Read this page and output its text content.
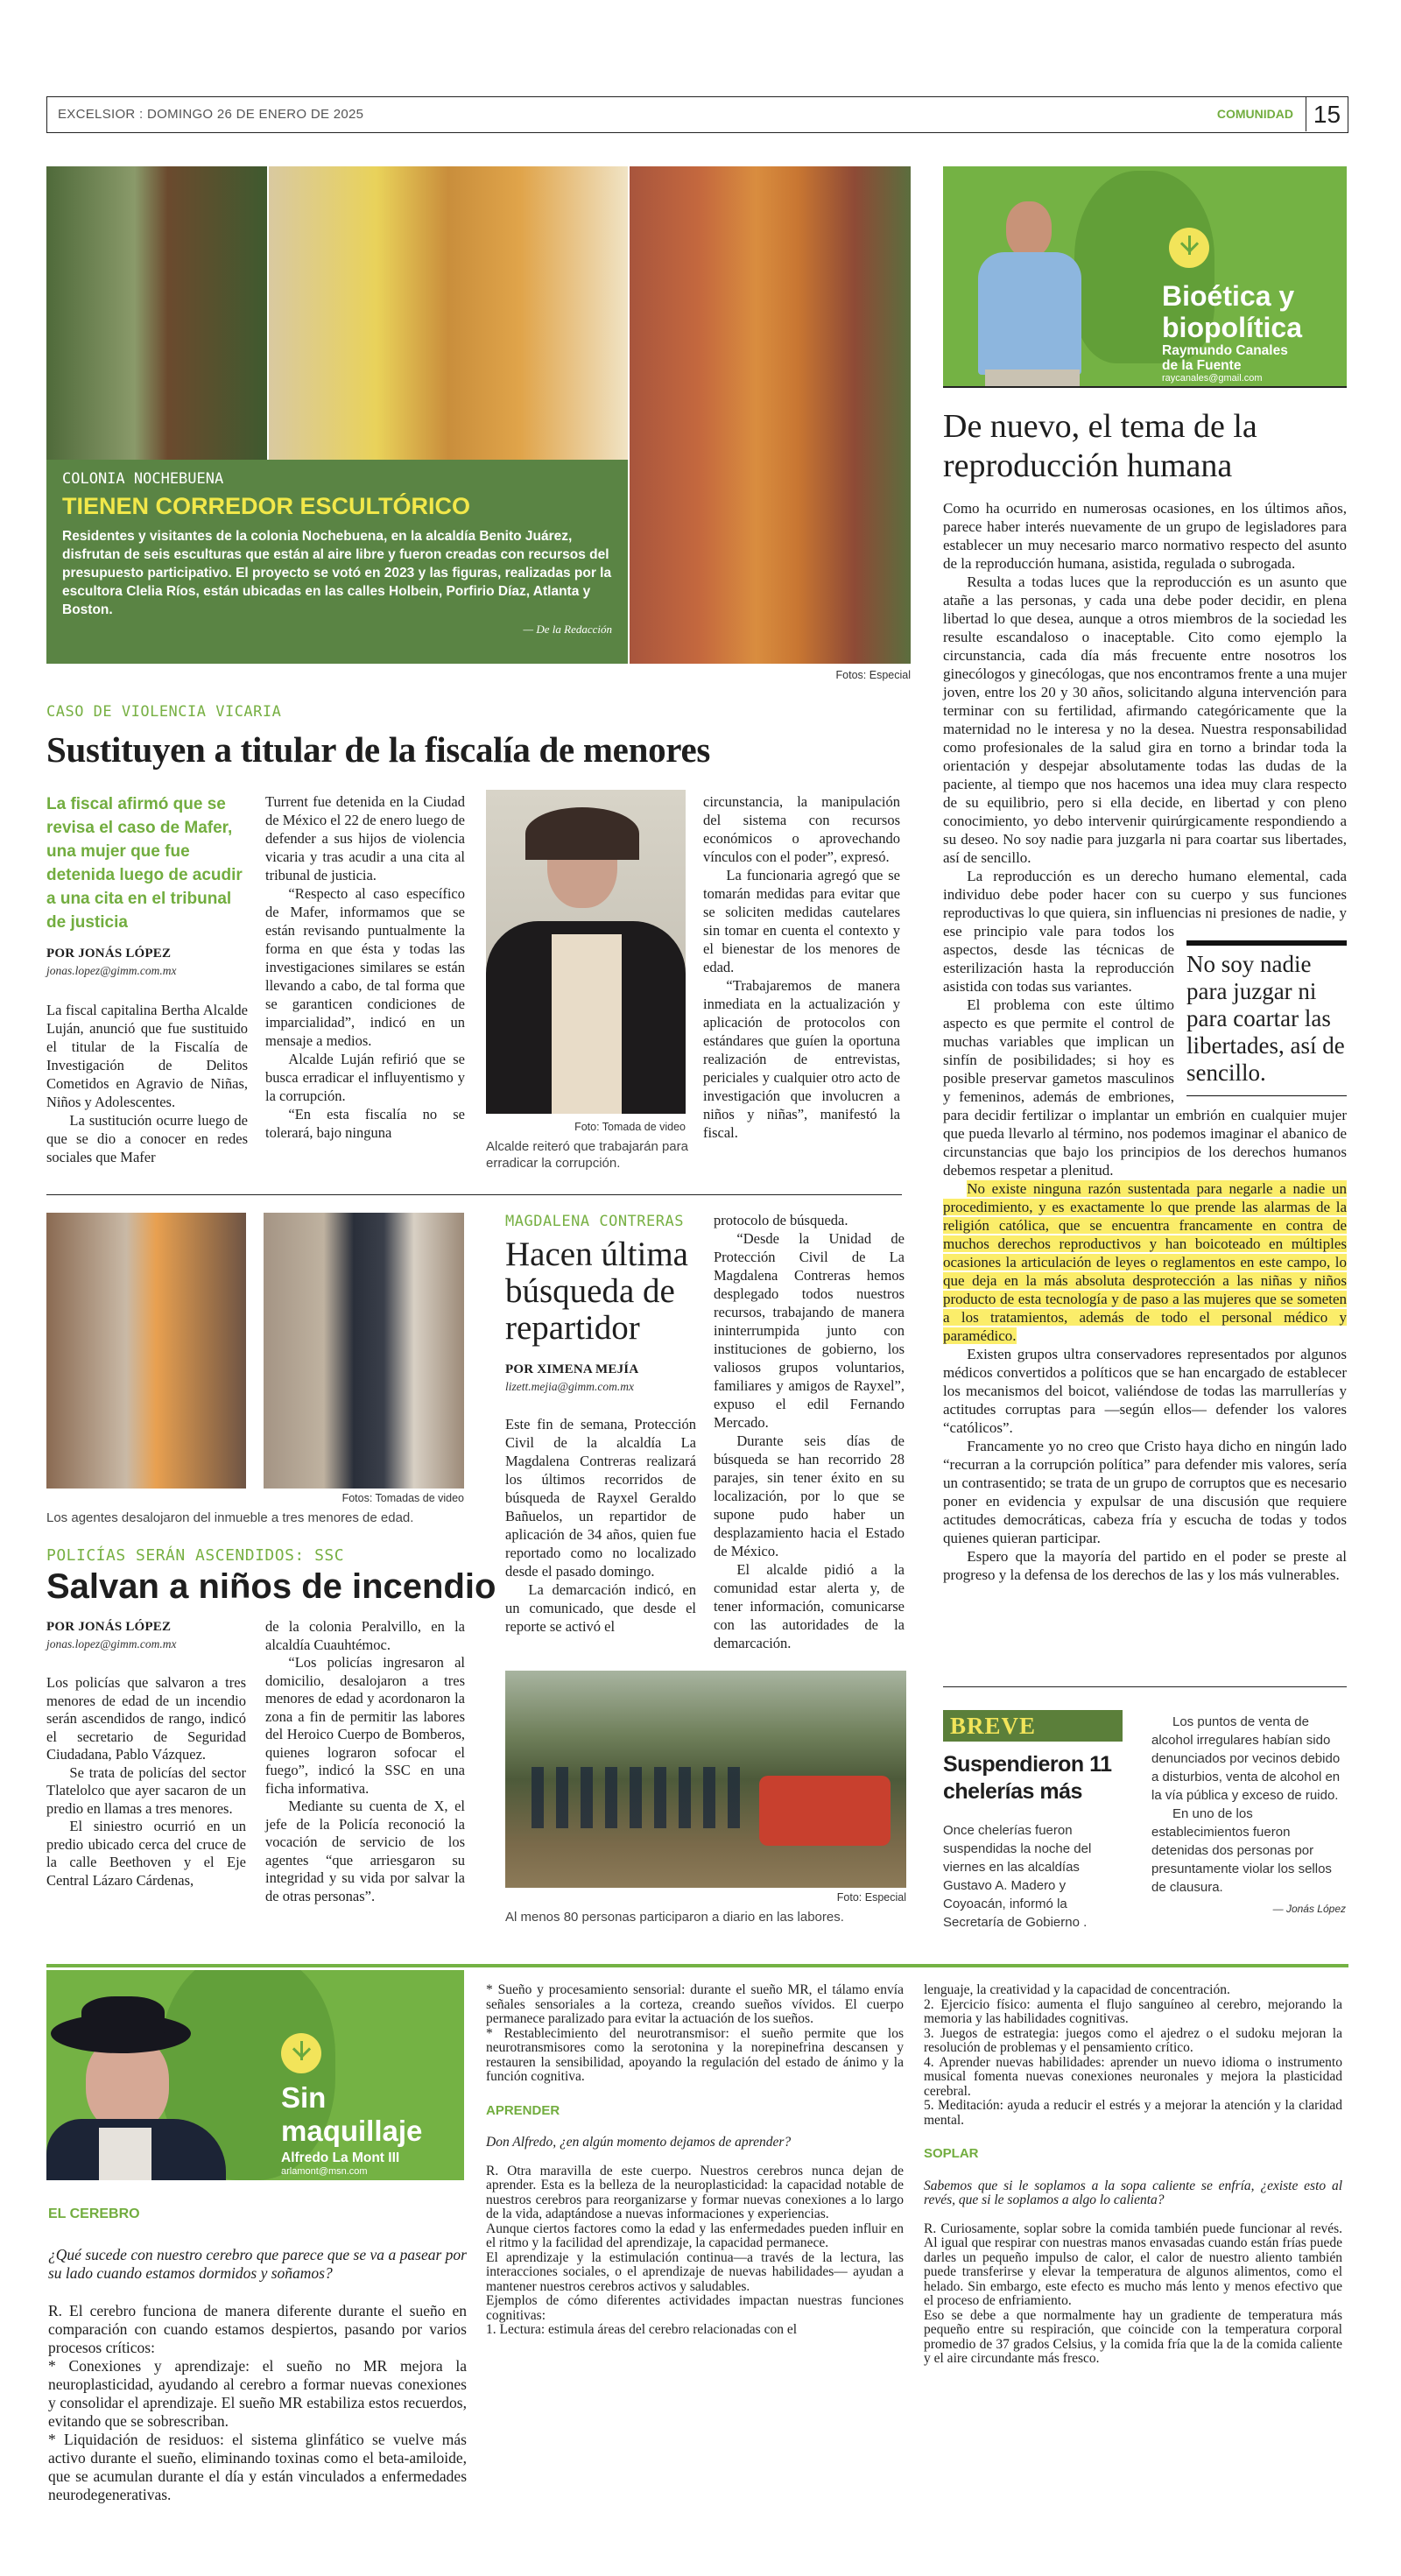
EXCELSIOR : DOMINGO 26 DE ENERO DE 2025	COMUNIDAD 15
COLONIA NOCHEBUENA
TIENEN CORREDOR ESCULTÓRICO
Residentes y visitantes de la colonia Nochebuena, en la alcaldía Benito Juárez, disfrutan de seis esculturas que están al aire libre y fueron creadas con recursos del presupuesto participativo. El proyecto se votó en 2023 y las figuras, realizadas por la escultora Clelia Ríos, están ubicadas en las calles Holbein, Porfirio Díaz, Atlanta y Boston.
— De la Redacción
Fotos: Especial
Bioética y
biopolítica
Raymundo Canales
de la Fuente
raycanales@gmail.com
De nuevo, el tema de la reproducción humana
No soy nadie para juzgar ni para coartar las libertades, así de sencillo.

Como ha ocurrido en numerosas ocasiones, en los últimos años, parece haber interés nuevamente de un grupo de legisladores para establecer un muy necesario marco normativo respecto del asunto de la reproducción humana, asistida, regulada o subrogada.

Resulta a todas luces que la reproducción es un asunto que atañe a las personas, y cada una debe poder decidir, en plena libertad lo que desea, aunque a otros miembros de la sociedad les resulte escandaloso o inaceptable. Cito como ejemplo la circunstancia, cada día más frecuente entre nosotros los ginecólogos y ginecólogas, que nos encontramos frente a una mujer joven, entre los 20 y 30 años, solicitando alguna intervención para terminar con su fertilidad, afirmando categóricamente que la maternidad no le interesa y no la desea. Nuestra responsabilidad como profesionales de la salud gira en torno a brindar toda la orientación y despejar absolutamente todas las dudas de la paciente, al tiempo que nos hacemos una idea muy clara respecto de su equilibrio, pero si ella decide, en libertad y con pleno conocimiento, yo debo intervenir quirúrgicamente respondiendo a su deseo. No soy nadie para juzgarla ni para coartar sus libertades, así de sencillo.

La reproducción es un derecho humano elemental, cada individuo debe poder hacer con su cuerpo y sus funciones reproductivas lo que quiera, sin influencias ni presiones de nadie, y ese principio vale para todos los aspectos, desde las técnicas de esterilización hasta la reproducción asistida con todas sus variantes.

El problema con este último aspecto es que permite el control de muchas variables que implican un sinfín de posibilidades; si hoy es posible preservar gametos masculinos y femeninos, además de embriones, para decidir fertilizar o implantar un embrión en cualquier mujer que pueda llevarlo al término, nos podemos imaginar el abanico de circunstancias que bajo los principios de los derechos humanos debemos respetar a plenitud.

No existe ninguna razón sustentada para negarle a nadie un procedimiento, y es exactamente lo que prende las alarmas de la religión católica, que se encuentra francamente en contra de muchos derechos reproductivos y han boicoteado en múltiples ocasiones la articulación de leyes o reglamentos en este campo, lo que deja en la más absoluta desprotección a las niñas y niños producto de esta tecnología y de paso a las mujeres que se someten a los tratamientos, además de todo el personal médico y paramédico.

Existen grupos ultra conservadores representados por algunos médicos convertidos a políticos que se han encargado de establecer los mecanismos del boicot, valiéndose de todas las marrullerías y actitudes corruptas para —según ellos— defender los valores “católicos”.

Francamente yo no creo que Cristo haya dicho en ningún lado “recurran a la corrupción política” para defender mis valores, sería un contrasentido; se trata de un grupo de corruptos que es necesario poner en evidencia y expulsar de una discusión que requiere actitudes democráticas, cabeza fría y escucha de todas y todos quienes quieran participar.

Espero que la mayoría del partido en el poder se preste al progreso y la defensa de los derechos de las y los más vulnerables.

BREVE
Suspendieron 11 chelerías más
Once chelerías fueron suspendidas la noche del viernes en las alcaldías Gustavo A. Madero y Coyoacán, informó la Secretaría de Gobierno .

Los puntos de venta de alcohol irregulares habían sido denunciados por vecinos debido a disturbios, venta de alcohol en la vía pública y exceso de ruido.

En uno de los establecimientos fueron detenidas dos personas por presuntamente violar los sellos de clausura.

— Jonás López

CASO DE VIOLENCIA VICARIA
Sustituyen a titular de la fiscalía de menores
La fiscal afirmó que se revisa el caso de Mafer, una mujer que fue detenida luego de acudir a una cita en el tribunal de justicia
POR JONÁS LÓPEZ
jonas.lopez@gimm.com.mx

La fiscal capitalina Bertha Alcalde Luján, anunció que fue sustituido el titular de la Fiscalía de Investigación de Delitos Cometidos en Agravio de Niñas, Niños y Adolescentes.

La sustitución ocurre luego de que se dio a conocer en redes sociales que Mafer

Turrent fue detenida en la Ciudad de México el 22 de enero luego de defender a sus hijos de violencia vicaria y tras acudir a una cita al tribunal de justicia.

“Respecto al caso específico de Mafer, informamos que se están revisando puntualmente la forma en que ésta y todas las investigaciones similares se están llevando a cabo, de tal forma que se garanticen condiciones de imparcialidad”, indicó en un mensaje a medios.

Alcalde Luján refirió que se busca erradicar el influyentismo y la corrupción.

“En esta fiscalía no se tolerará, bajo ninguna	Foto: Tomada de video
Alcalde reiteró que trabajarán para erradicar la corrupción.

circunstancia, la manipulación del sistema con recursos económicos o aprovechando vínculos con el poder”, expresó.

La funcionaria agregó que se tomarán medidas para evitar que se soliciten medidas cautelares sin tomar en cuenta el contexto y el bienestar de los menores de edad.

“Trabajaremos de manera inmediata en la actualización y aplicación de protocolos con estándares que guíen la oportuna realización de entrevistas, periciales y cualquier otro acto de investigación que involucren a niños y niñas”, manifestó la fiscal.

Fotos: Tomadas de video
Los agentes desalojaron del inmueble a tres menores de edad.
POLICÍAS SERÁN ASCENDIDOS: SSC
Salvan a niños de incendio
POR JONÁS LÓPEZ
jonas.lopez@gimm.com.mx

Los policías que salvaron a tres menores de edad de un incendio serán ascendidos de rango, indicó el secretario de Seguridad Ciudadana, Pablo Vázquez.

Se trata de policías del sector Tlatelolco que ayer sacaron de un predio en llamas a tres menores.

El siniestro ocurrió en un predio ubicado cerca del cruce de la calle Beethoven y el Eje Central Lázaro Cárdenas,

de la colonia Peralvillo, en la alcaldía Cuauhtémoc.

“Los policías ingresaron al domicilio, desalojaron a tres menores de edad y acordonaron la zona a fin de permitir las labores del Heroico Cuerpo de Bomberos, quienes lograron sofocar el fuego”, indicó la SSC en una ficha informativa.

Mediante su cuenta de X, el jefe de la Policía reconoció la vocación de servicio de los agentes “que arriesgaron su integridad y su vida por salvar la de otras personas”.

MAGDALENA CONTRERAS
Hacen última búsqueda de repartidor
POR XIMENA MEJÍA
lizett.mejia@gimm.com.mx

Este fin de semana, Protección Civil de la alcaldía La Magdalena Contreras realizará los últimos recorridos de búsqueda de Rayxel Geraldo Bañuelos, un repartidor de aplicación de 34 años, quien fue reportado como no localizado desde el pasado domingo.

La demarcación indicó, en un comunicado, que desde el reporte se activó el

protocolo de búsqueda.

“Desde la Unidad de Protección Civil de La Magdalena Contreras hemos desplegado todos nuestros recursos, trabajando de manera ininterrumpida junto con instituciones de gobierno, los valiosos grupos voluntarios, familiares y amigos de Rayxel”, expuso el edil Fernando Mercado.

Durante seis días de búsqueda se han recorrido 28 parajes, sin tener éxito en su localización, por lo que se supone pudo haber un desplazamiento hacia el Estado de México.

El alcalde pidió a la comunidad estar alerta y, de tener información, comunicarse con las autoridades de la demarcación.

Foto: Especial
Al menos 80 personas participaron a diario en las labores.
Sin
maquillaje
Alfredo La Mont III
arlamont@msn.com
EL CEREBRO
¿Qué sucede con nuestro cerebro que parece que se va a pasear por su lado cuando estamos dormidos y soñamos?

R. El cerebro funciona de manera diferente durante el sueño en comparación con cuando estamos despiertos, pasando por varios procesos críticos:

* Conexiones y aprendizaje: el sueño no MR mejora la neuroplasticidad, ayudando al cerebro a formar nuevas conexiones y consolidar el aprendizaje. El sueño MR estabiliza estos recuerdos, evitando que se sobrescriban.

* Liquidación de residuos: el sistema glinfático se vuelve más activo durante el sueño, eliminando toxinas como el beta-amiloide, que se acumulan durante el día y están vinculados a enfermedades neurodegenerativas.

* Sueño y procesamiento sensorial: durante el sueño MR, el tálamo envía señales sensoriales a la corteza, creando sueños vívidos. El cuerpo permanece paralizado para evitar la actuación de los sueños.

* Restablecimiento del neurotransmisor: el sueño permite que los neurotransmisores como la serotonina y la norepinefrina descansen y restauren la sensibilidad, apoyando la regulación del estado de ánimo y la función cognitiva.

APRENDER
Don Alfredo, ¿en algún momento dejamos de aprender?

R. Otra maravilla de este cuerpo. Nuestros cerebros nunca dejan de aprender. Esta es la belleza de la neuroplasticidad: la capacidad notable de nuestros cerebros para reorganizarse y formar nuevas conexiones a lo largo de la vida, adaptándose a nuevas informaciones y experiencias.

Aunque ciertos factores como la edad y las enfermedades pueden influir en el ritmo y la facilidad del aprendizaje, la capacidad permanece.

El aprendizaje y la estimulación continua—a través de la lectura, las interacciones sociales, o el aprendizaje de nuevas habilidades— ayudan a mantener nuestros cerebros activos y saludables.

Ejemplos de cómo diferentes actividades impactan nuestras funciones cognitivas:

1. Lectura: estimula áreas del cerebro relacionadas con el

lenguaje, la creatividad y la capacidad de concentración.

2. Ejercicio físico: aumenta el flujo sanguíneo al cerebro, mejorando la memoria y las habilidades cognitivas.

3. Juegos de estrategia: juegos como el ajedrez o el sudoku mejoran la resolución de problemas y el pensamiento crítico.

4. Aprender nuevas habilidades: aprender un nuevo idioma o instrumento musical fomenta nuevas conexiones neuronales y mejora la plasticidad cerebral.

5. Meditación: ayuda a reducir el estrés y a mejorar la atención y la claridad mental.

SOPLAR
Sabemos que si le soplamos a la sopa caliente se enfría, ¿existe esto al revés, que si le soplamos a algo lo calienta?

R. Curiosamente, soplar sobre la comida también puede funcionar al revés. Al igual que respirar con nuestras manos envasadas cuando están frías puede darles un pequeño impulso de calor, el calor de nuestro aliento también puede transferirse y elevar la temperatura de algunos alimentos, como el helado. Sin embargo, este efecto es mucho más lento y menos efectivo que el proceso de enfriamiento.

Eso se debe a que normalmente hay un gradiente de temperatura más pequeño entre su respiración, que coincide con la temperatura corporal promedio de 37 grados Celsius, y la comida fría que la de la comida caliente y el aire circundante más fresco.
